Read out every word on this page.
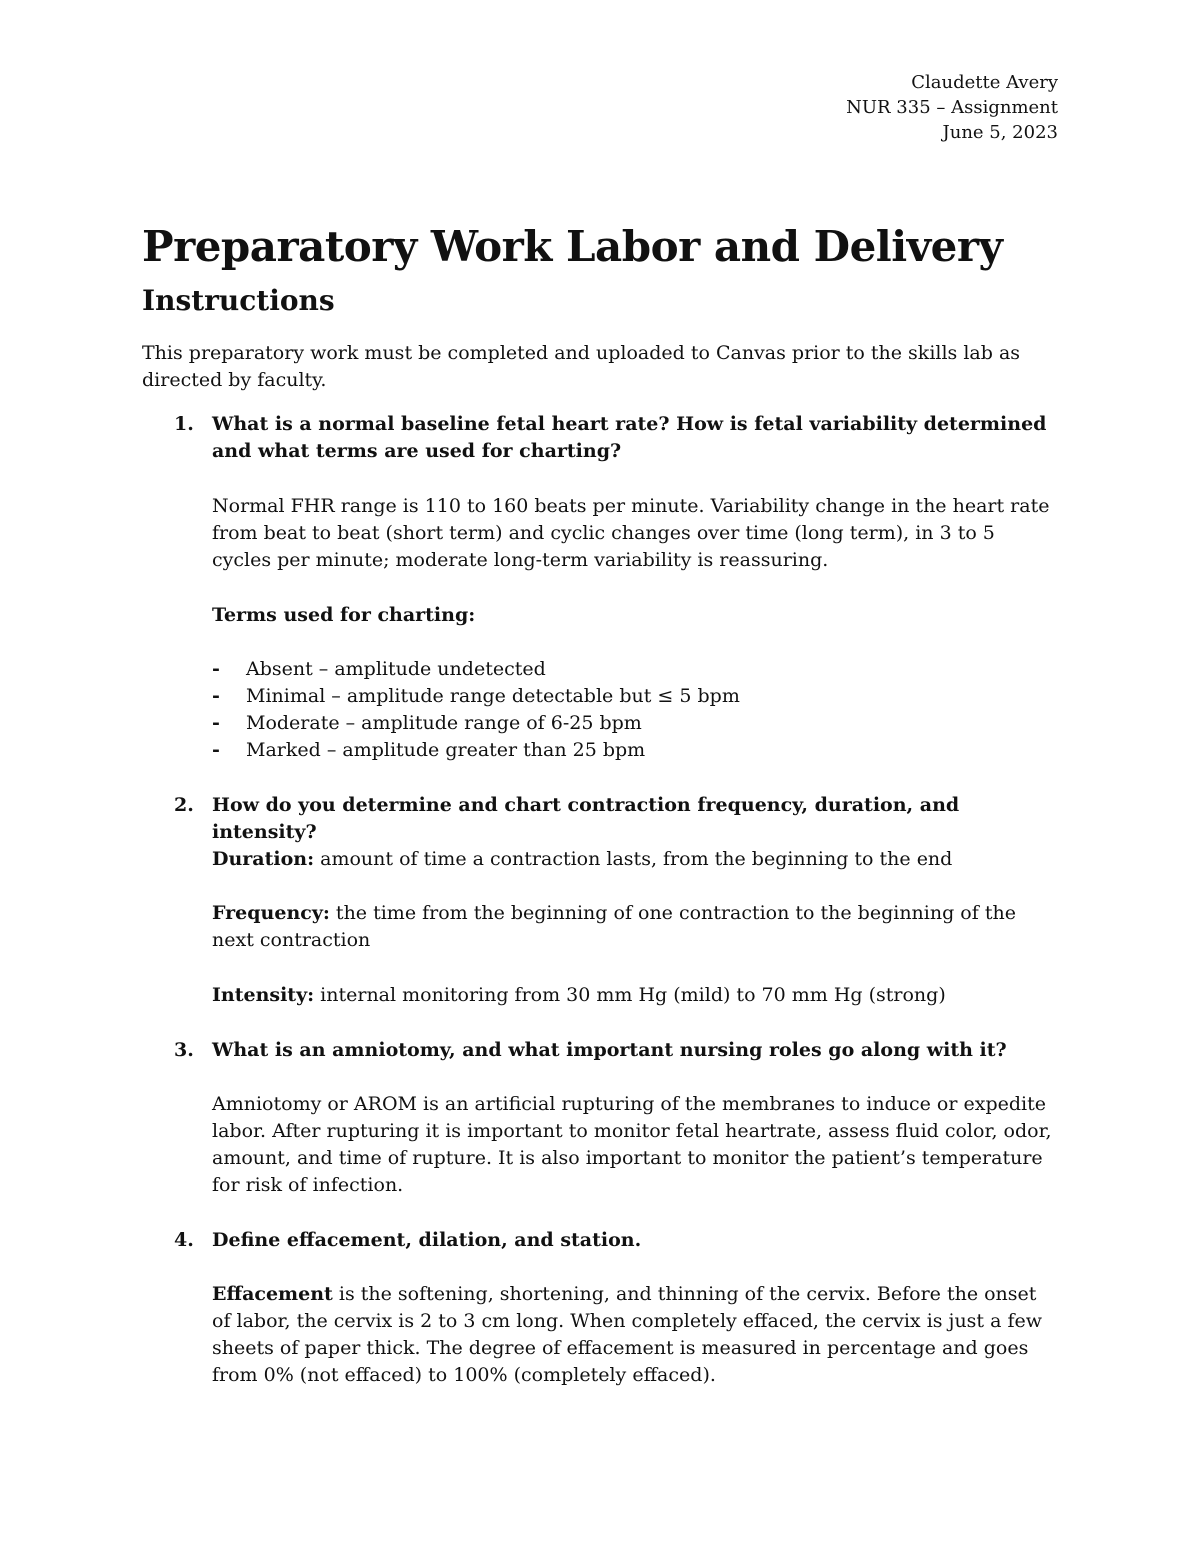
Claudette Avery
NUR 335 – Assignment
June 5, 2023
Preparatory Work Labor and Delivery
Instructions
This preparatory work must be completed and uploaded to Canvas prior to the skills lab as directed by faculty.
1. What is a normal baseline fetal heart rate? How is fetal variability determined and what terms are used for charting?

Normal FHR range is 110 to 160 beats per minute. Variability change in the heart rate from beat to beat (short term) and cyclic changes over time (long term), in 3 to 5 cycles per minute; moderate long-term variability is reassuring.

Terms used for charting:

- Absent – amplitude undetected
- Minimal – amplitude range detectable but ≤ 5 bpm
- Moderate – amplitude range of 6-25 bpm
- Marked – amplitude greater than 25 bpm
2. How do you determine and chart contraction frequency, duration, and intensity?

Duration: amount of time a contraction lasts, from the beginning to the end

Frequency: the time from the beginning of one contraction to the beginning of the next contraction

Intensity: internal monitoring from 30 mm Hg (mild) to 70 mm Hg (strong)

3. What is an amniotomy, and what important nursing roles go along with it?

Amniotomy or AROM is an artificial rupturing of the membranes to induce or expedite labor. After rupturing it is important to monitor fetal heartrate, assess fluid color, odor, amount, and time of rupture. It is also important to monitor the patient’s temperature for risk of infection.

4. Define effacement, dilation, and station.

Effacement is the softening, shortening, and thinning of the cervix. Before the onset of labor, the cervix is 2 to 3 cm long. When completely effaced, the cervix is just a few sheets of paper thick. The degree of effacement is measured in percentage and goes from 0% (not effaced) to 100% (completely effaced).
